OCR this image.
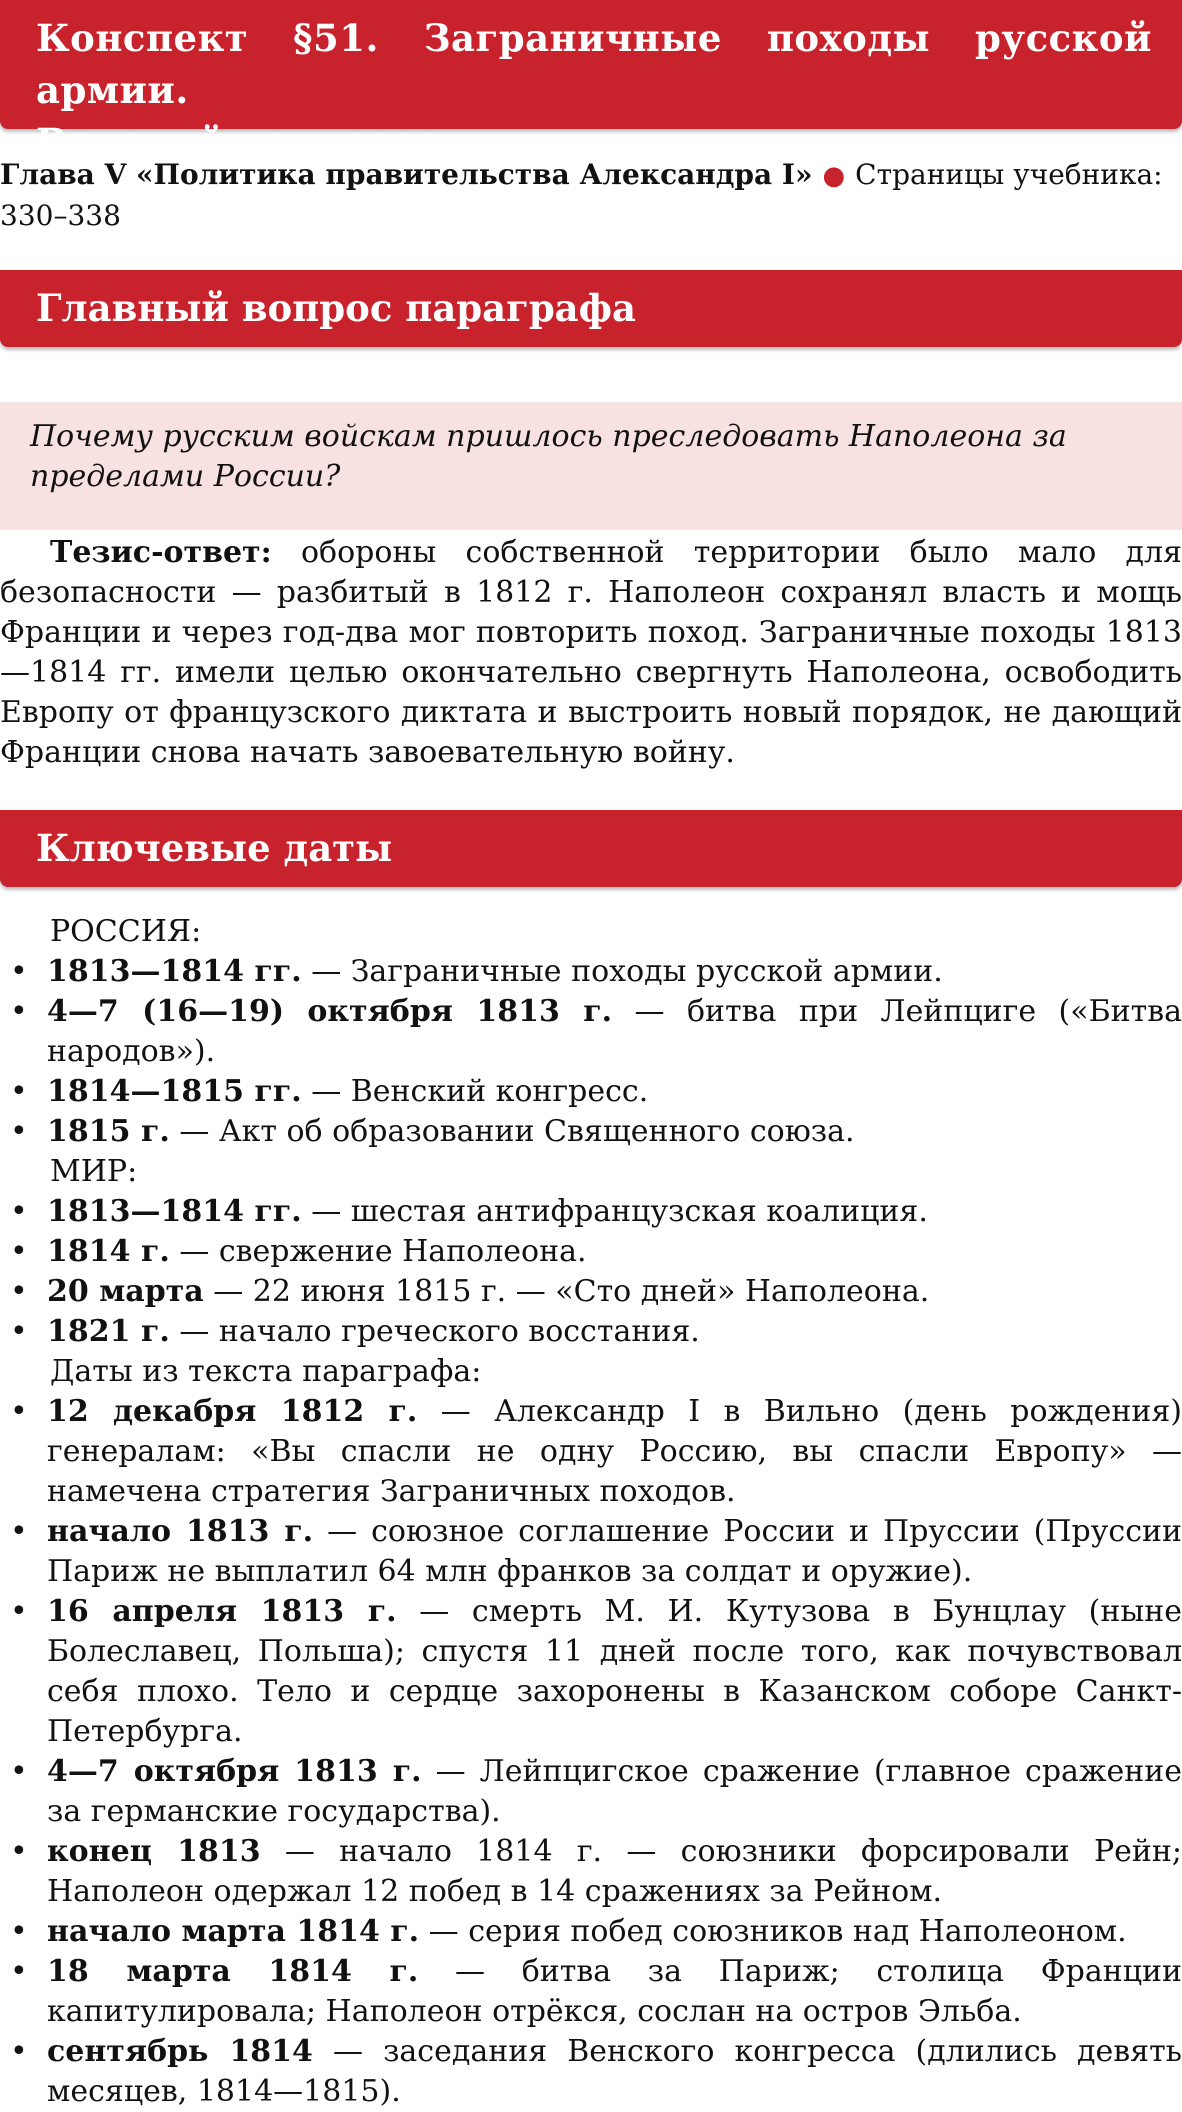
Конспект §51. Заграничные походы русской армии.
Венский конгресс
Глава V «Политика правительства Александра I» ● Страницы учебника:
330–338
Главный вопрос параграфа
Почему русским войскам пришлось преследовать Наполеона за пределами России?
Тезис-ответ: обороны собственной территории было мало для безопасности — разбитый в 1812 г. Наполеон сохранял власть и мощь Франции и через год-два мог повторить поход. Заграничные походы 1813—1814 гг. имели целью окончательно свергнуть Наполеона, освободить Европу от французского диктата и выстроить новый порядок, не дающий Франции снова начать завоевательную войну.
Ключевые даты
РОССИЯ:
• 1813—1814 гг. — Заграничные походы русской армии.
• 4—7 (16—19) октября 1813 г. — битва при Лейпциге («Битва народов»).
• 1814—1815 гг. — Венский конгресс.
• 1815 г. — Акт об образовании Священного союза.
МИР:
• 1813—1814 гг. — шестая антифранцузская коалиция.
• 1814 г. — свержение Наполеона.
• 20 марта — 22 июня 1815 г. — «Сто дней» Наполеона.
• 1821 г. — начало греческого восстания.
Даты из текста параграфа:
• 12 декабря 1812 г. — Александр I в Вильно (день рождения) генералам: «Вы спасли не одну Россию, вы спасли Европу» — намечена стратегия Заграничных походов.
• начало 1813 г. — союзное соглашение России и Пруссии (Пруссии Париж не выплатил 64 млн франков за солдат и оружие).
• 16 апреля 1813 г. — смерть М. И. Кутузова в Бунцлау (ныне Болеславец, Польша); спустя 11 дней после того, как почувствовал себя плохо. Тело и сердце захоронены в Казанском соборе Санкт-Петербурга.
• 4—7 октября 1813 г. — Лейпцигское сражение (главное сражение за германские государства).
• конец 1813 — начало 1814 г. — союзники форсировали Рейн; Наполеон одержал 12 побед в 14 сражениях за Рейном.
• начало марта 1814 г. — серия побед союзников над Наполеоном.
• 18 марта 1814 г. — битва за Париж; столица Франции капитулировала; Наполеон отрёкся, сослан на остров Эльба.
• сентябрь 1814 — заседания Венского конгресса (длились девять месяцев, 1814—1815).
